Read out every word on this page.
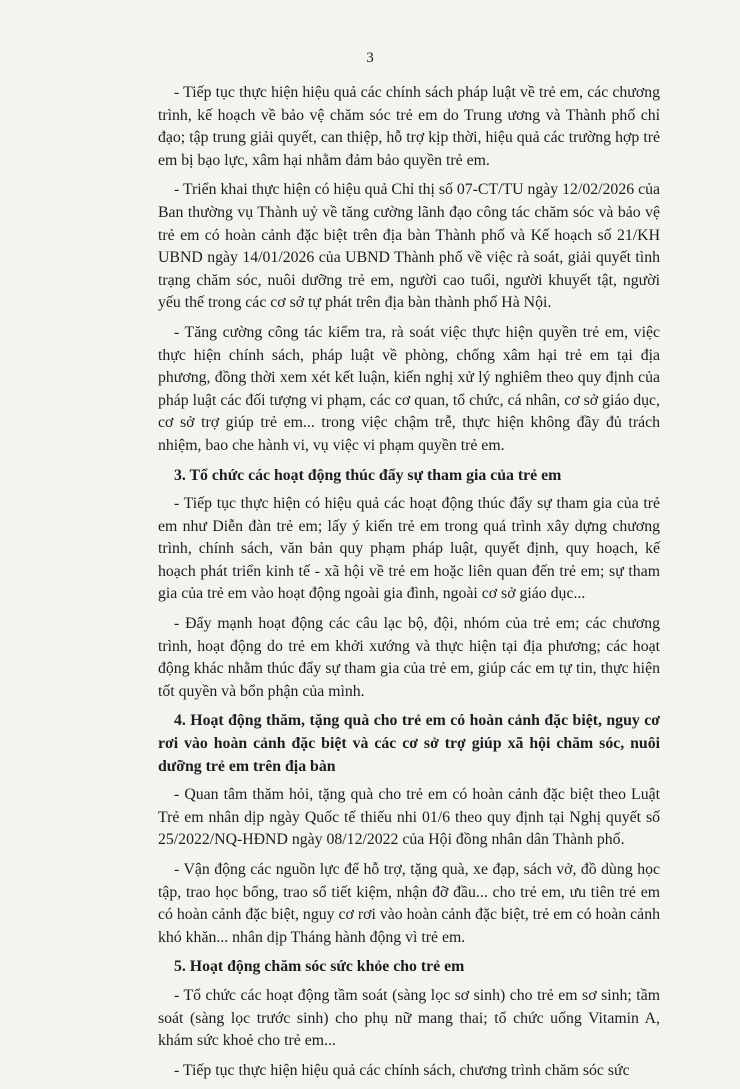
3

- Tiếp tục thực hiện hiệu quả các chính sách pháp luật về trẻ em, các chương trình, kế hoạch về bảo vệ chăm sóc trẻ em do Trung ương và Thành phố chỉ đạo; tập trung giải quyết, can thiệp, hỗ trợ kịp thời, hiệu quả các trường hợp trẻ em bị bạo lực, xâm hại nhằm đảm bảo quyền trẻ em.

- Triển khai thực hiện có hiệu quả Chỉ thị số 07-CT/TU ngày 12/02/2026 của Ban thường vụ Thành uỷ về tăng cường lãnh đạo công tác chăm sóc và bảo vệ trẻ em có hoàn cảnh đặc biệt trên địa bàn Thành phố và Kế hoạch số 21/KH UBND ngày 14/01/2026 của UBND Thành phố về việc rà soát, giải quyết tình trạng chăm sóc, nuôi dưỡng trẻ em, người cao tuổi, người khuyết tật, người yếu thế trong các cơ sở tự phát trên địa bàn thành phố Hà Nội.

- Tăng cường công tác kiểm tra, rà soát việc thực hiện quyền trẻ em, việc thực hiện chính sách, pháp luật về phòng, chống xâm hại trẻ em tại địa phương, đồng thời xem xét kết luận, kiến nghị xử lý nghiêm theo quy định của pháp luật các đối tượng vi phạm, các cơ quan, tổ chức, cá nhân, cơ sở giáo dục, cơ sở trợ giúp trẻ em... trong việc chậm trễ, thực hiện không đầy đủ trách nhiệm, bao che hành vi, vụ việc vi phạm quyền trẻ em.

3. Tổ chức các hoạt động thúc đẩy sự tham gia của trẻ em

- Tiếp tục thực hiện có hiệu quả các hoạt động thúc đẩy sự tham gia của trẻ em như Diễn đàn trẻ em; lấy ý kiến trẻ em trong quá trình xây dựng chương trình, chính sách, văn bản quy phạm pháp luật, quyết định, quy hoạch, kế hoạch phát triển kinh tế - xã hội về trẻ em hoặc liên quan đến trẻ em; sự tham gia của trẻ em vào hoạt động ngoài gia đình, ngoài cơ sở giáo dục...

- Đẩy mạnh hoạt động các câu lạc bộ, đội, nhóm của trẻ em; các chương trình, hoạt động do trẻ em khởi xướng và thực hiện tại địa phương; các hoạt động khác nhằm thúc đẩy sự tham gia của trẻ em, giúp các em tự tin, thực hiện tốt quyền và bổn phận của mình.

4. Hoạt động thăm, tặng quà cho trẻ em có hoàn cảnh đặc biệt, nguy cơ rơi vào hoàn cảnh đặc biệt và các cơ sở trợ giúp xã hội chăm sóc, nuôi dưỡng trẻ em trên địa bàn

- Quan tâm thăm hỏi, tặng quà cho trẻ em có hoàn cảnh đặc biệt theo Luật Trẻ em nhân dịp ngày Quốc tế thiếu nhi 01/6 theo quy định tại Nghị quyết số 25/2022/NQ-HĐND ngày 08/12/2022 của Hội đồng nhân dân Thành phố.

- Vận động các nguồn lực để hỗ trợ, tặng quà, xe đạp, sách vở, đồ dùng học tập, trao học bổng, trao sổ tiết kiệm, nhận đỡ đầu... cho trẻ em, ưu tiên trẻ em có hoàn cảnh đặc biệt, nguy cơ rơi vào hoàn cảnh đặc biệt, trẻ em có hoàn cảnh khó khăn... nhân dịp Tháng hành động vì trẻ em.

5. Hoạt động chăm sóc sức khỏe cho trẻ em

- Tổ chức các hoạt động tầm soát (sàng lọc sơ sinh) cho trẻ em sơ sinh; tầm soát (sàng lọc trước sinh) cho phụ nữ mang thai; tổ chức uống Vitamin A, khám sức khoẻ cho trẻ em...

- Tiếp tục thực hiện hiệu quả các chính sách, chương trình chăm sóc sức
